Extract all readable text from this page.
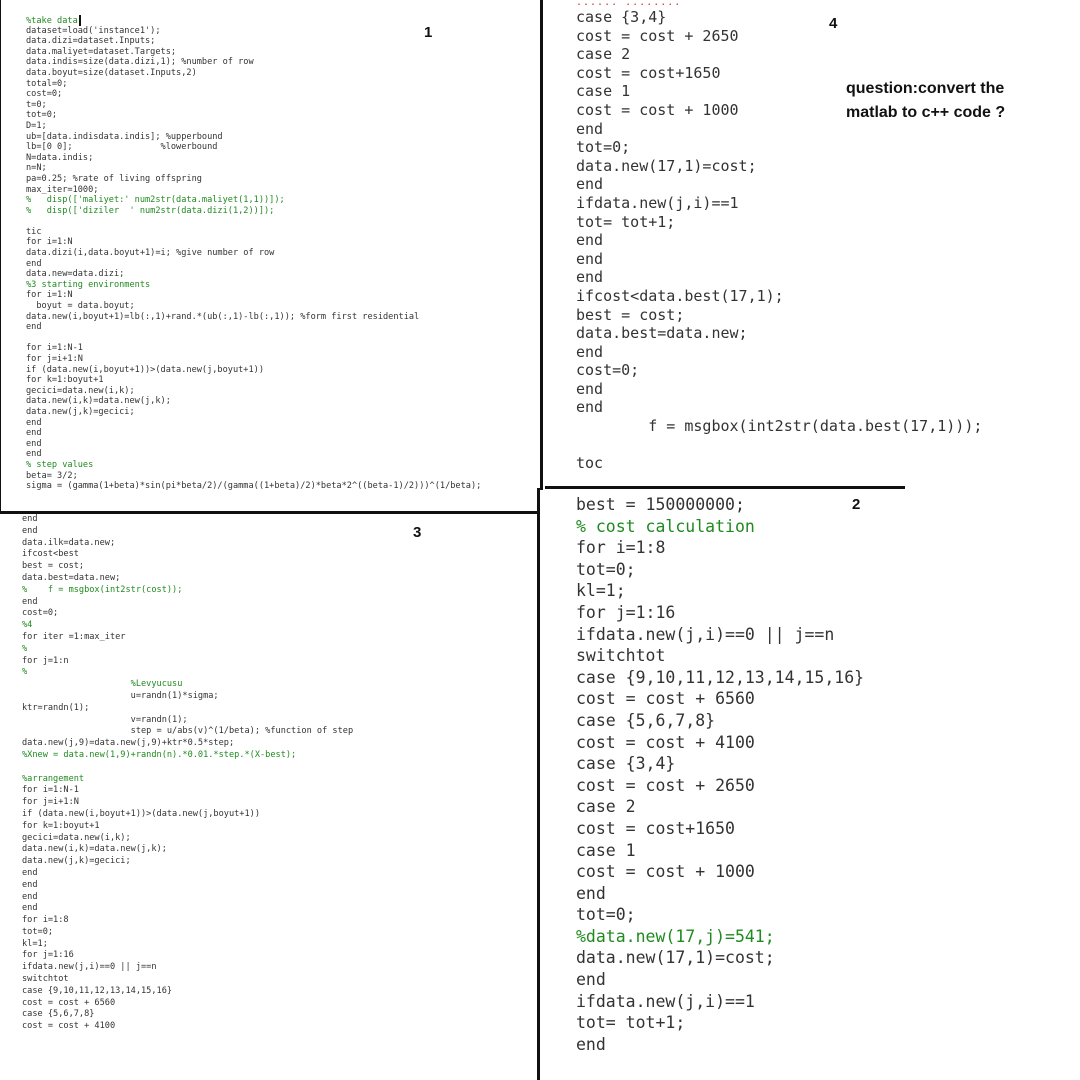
%take data
dataset=load('instance1');
data.dizi=dataset.Inputs;
data.maliyet=dataset.Targets;
data.indis=size(data.dizi,1); %number of row
data.boyut=size(dataset.Inputs,2)
total=0;
cost=0;
t=0;
tot=0;
D=1;
ub=[data.indisdata.indis]; %upperbound
lb=[0 0];                 %lowerbound
N=data.indis;
n=N;
pa=0.25; %rate of living offspring
max_iter=1000;
%   disp(['maliyet:' num2str(data.maliyet(1,1))]);
%   disp(['diziler  ' num2str(data.dizi(1,2))]);
tic
for i=1:N
data.dizi(i,data.boyut+1)=i; %give number of row
end
data.new=data.dizi;
%3 starting environments
for i=1:N
boyut = data.boyut;
data.new(i,boyut+1)=lb(:,1)+rand.*(ub(:,1)-lb(:,1)); %form first residential
end
for i=1:N-1
for j=i+1:N
if (data.new(i,boyut+1))>(data.new(j,boyut+1))
for k=1:boyut+1
gecici=data.new(i,k);
data.new(i,k)=data.new(j,k);
data.new(j,k)=gecici;
end
end
end
end
% step values
beta= 3/2;
sigma = (gamma(1+beta)*sin(pi*beta/2)/(gamma((1+beta)/2)*beta*2^((beta-1)/2)))^(1/beta);
1
...... ........
case {3,4}
cost = cost + 2650
case 2
cost = cost+1650
case 1
cost = cost + 1000
end
tot=0;
data.new(17,1)=cost;
end
ifdata.new(j,i)==1
tot= tot+1;
end
end
end
ifcost<data.best(17,1);
best = cost;
data.best=data.new;
end
cost=0;
end
end
f = msgbox(int2str(data.best(17,1)));
toc
4
question:convert the
matlab to c++ code ?
end
end
data.ilk=data.new;
ifcost<best
best = cost;
data.best=data.new;
%    f = msgbox(int2str(cost));
end
cost=0;
%4
for iter =1:max_iter
%
for j=1:n
%
%Levyucusu
u=randn(1)*sigma;
ktr=randn(1);
v=randn(1);
step = u/abs(v)^(1/beta); %function of step
data.new(j,9)=data.new(j,9)+ktr*0.5*step;
%Xnew = data.new(1,9)+randn(n).*0.01.*step.*(X-best);
%arrangement
for i=1:N-1
for j=i+1:N
if (data.new(i,boyut+1))>(data.new(j,boyut+1))
for k=1:boyut+1
gecici=data.new(i,k);
data.new(i,k)=data.new(j,k);
data.new(j,k)=gecici;
end
end
end
end
for i=1:8
tot=0;
kl=1;
for j=1:16
ifdata.new(j,i)==0 || j==n
switchtot
case {9,10,11,12,13,14,15,16}
cost = cost + 6560
case {5,6,7,8}
cost = cost + 4100
3
best = 150000000;
% cost calculation
for i=1:8
tot=0;
kl=1;
for j=1:16
ifdata.new(j,i)==0 || j==n
switchtot
case {9,10,11,12,13,14,15,16}
cost = cost + 6560
case {5,6,7,8}
cost = cost + 4100
case {3,4}
cost = cost + 2650
case 2
cost = cost+1650
case 1
cost = cost + 1000
end
tot=0;
%data.new(17,j)=541;
data.new(17,1)=cost;
end
ifdata.new(j,i)==1
tot= tot+1;
end
2
